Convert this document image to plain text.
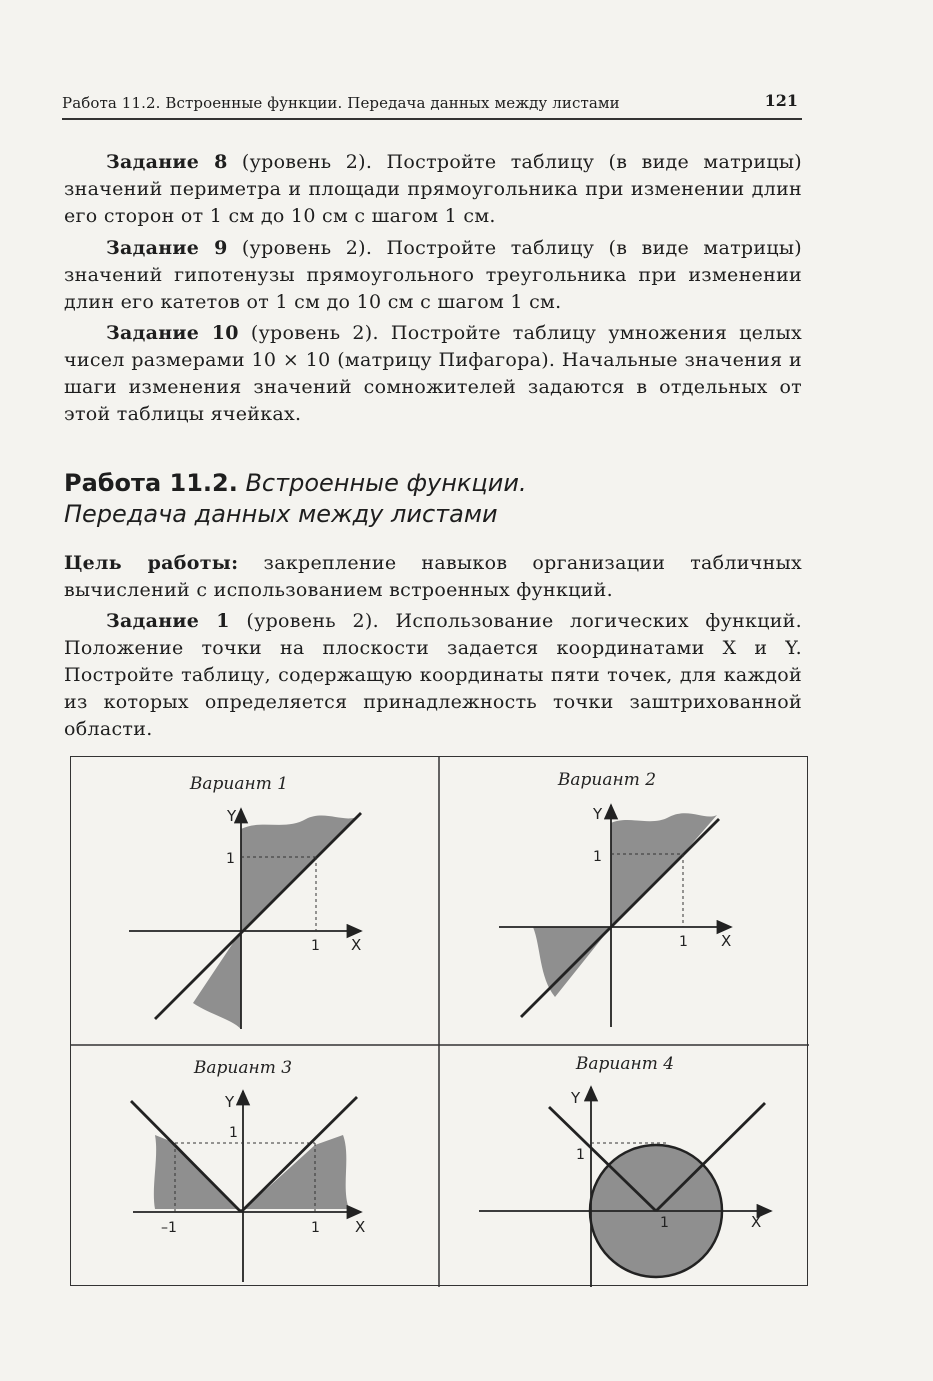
Работа 11.2. Встроенные функции. Передача данных между листами	121

Задание 8 (уровень 2). Постройте таблицу (в виде матрицы) значений периметра и площади прямоугольника при изменении длин его сторон от 1 см до 10 см с шагом 1 см.

Задание 9 (уровень 2). Постройте таблицу (в виде матрицы) значений гипотенузы прямоугольного треугольника при изменении длин его катетов от 1 см до 10 см с шагом 1 см.

Задание 10 (уровень 2). Постройте таблицу умножения целых чисел размерами 10 × 10 (матрицу Пифагора). Начальные значения и шаги изменения значений сомножителей задаются в отдельных от этой таблицы ячейках.

Работа 11.2. Встроенные функции.
Передача данных между листами

Цель работы: закрепление навыков организации табличных вычислений с использованием встроенных функций.

Задание 1 (уровень 2). Использование логических функций. Положение точки на плоскости задается координатами X и Y. Постройте таблицу, содержащую координаты пяти точек, для каждой из которых определяется принадлежность точки заштрихованной области.

Вариант 1
Y
1
1 X
Вариант 2
Y
1
1 X
Вариант 3
Y
1
–1	1 X
Вариант 4
Y
1
1	X
